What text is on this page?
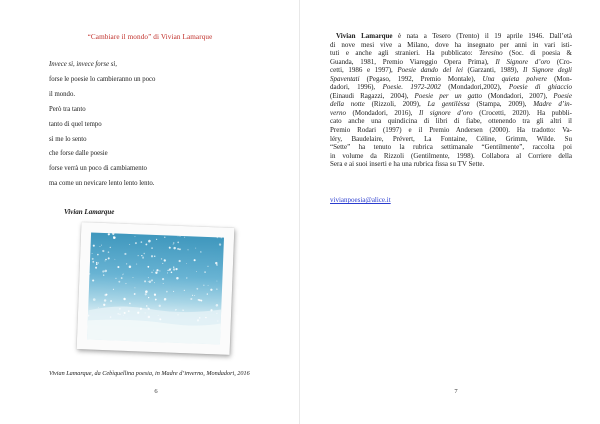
“Cambiare il mondo” di Vivian Lamarque
Invece sì, invece forse sì,
forse le poesie lo cambieranno un poco
il mondo.
Però tra tanto
tanto di quel tempo
sì me lo sento
che forse dalle poesie
forse verrà un poco di cambiamento
ma come un nevicare lento lento lento.
Vivian Lamarque
Vivian Lamarque, da Cebìquellina poesia, in Madre d’inverno, Mondadori, 2016
6	7
Vivian Lamarque è nata a Tesero (Trento) il 19 aprile 1946. Dall’età
di nove mesi vive a Milano, dove ha insegnato per anni in vari isti-
tuti e anche agli stranieri. Ha pubblicato: Teresino (Soc. di poesia &
Guanda, 1981, Premio Viareggio Opera Prima), Il Signore d’oro (Cro-
cetti, 1986 e 1997), Poesie dando del lei (Garzanti, 1989), Il Signore degli
Spaventati (Pegaso, 1992, Premio Montale), Una quieta polvere (Mon-
dadori, 1996), Poesie. 1972-2002 (Mondadori,2002), Poesie di ghiaccio
(Einaudi Ragazzi, 2004), Poesie per un gatto (Mondadori, 2007), Poesie
della notte (Rizzoli, 2009), La gentilèssa (Stampa, 2009), Madre d’in-
verno (Mondadori, 2016), Il signore d’oro (Crocetti, 2020). Ha pubbli-
cato anche una quindicina di libri di fiabe, ottenendo tra gli altri il
Premio Rodari (1997) e il Premio Andersen (2000). Ha tradotto: Va-
léry, Baudelaire, Prévert, La Fontaine, Céline, Grimm, Wilde. Su
“Sette” ha tenuto la rubrica settimanale “Gentilmente”, raccolta poi
in volume da Rizzoli (Gentilmente, 1998). Collabora al Corriere della
Sera e ai suoi inserti e ha una rubrica fissa su TV Sette.
vivianpoesia@alice.it
